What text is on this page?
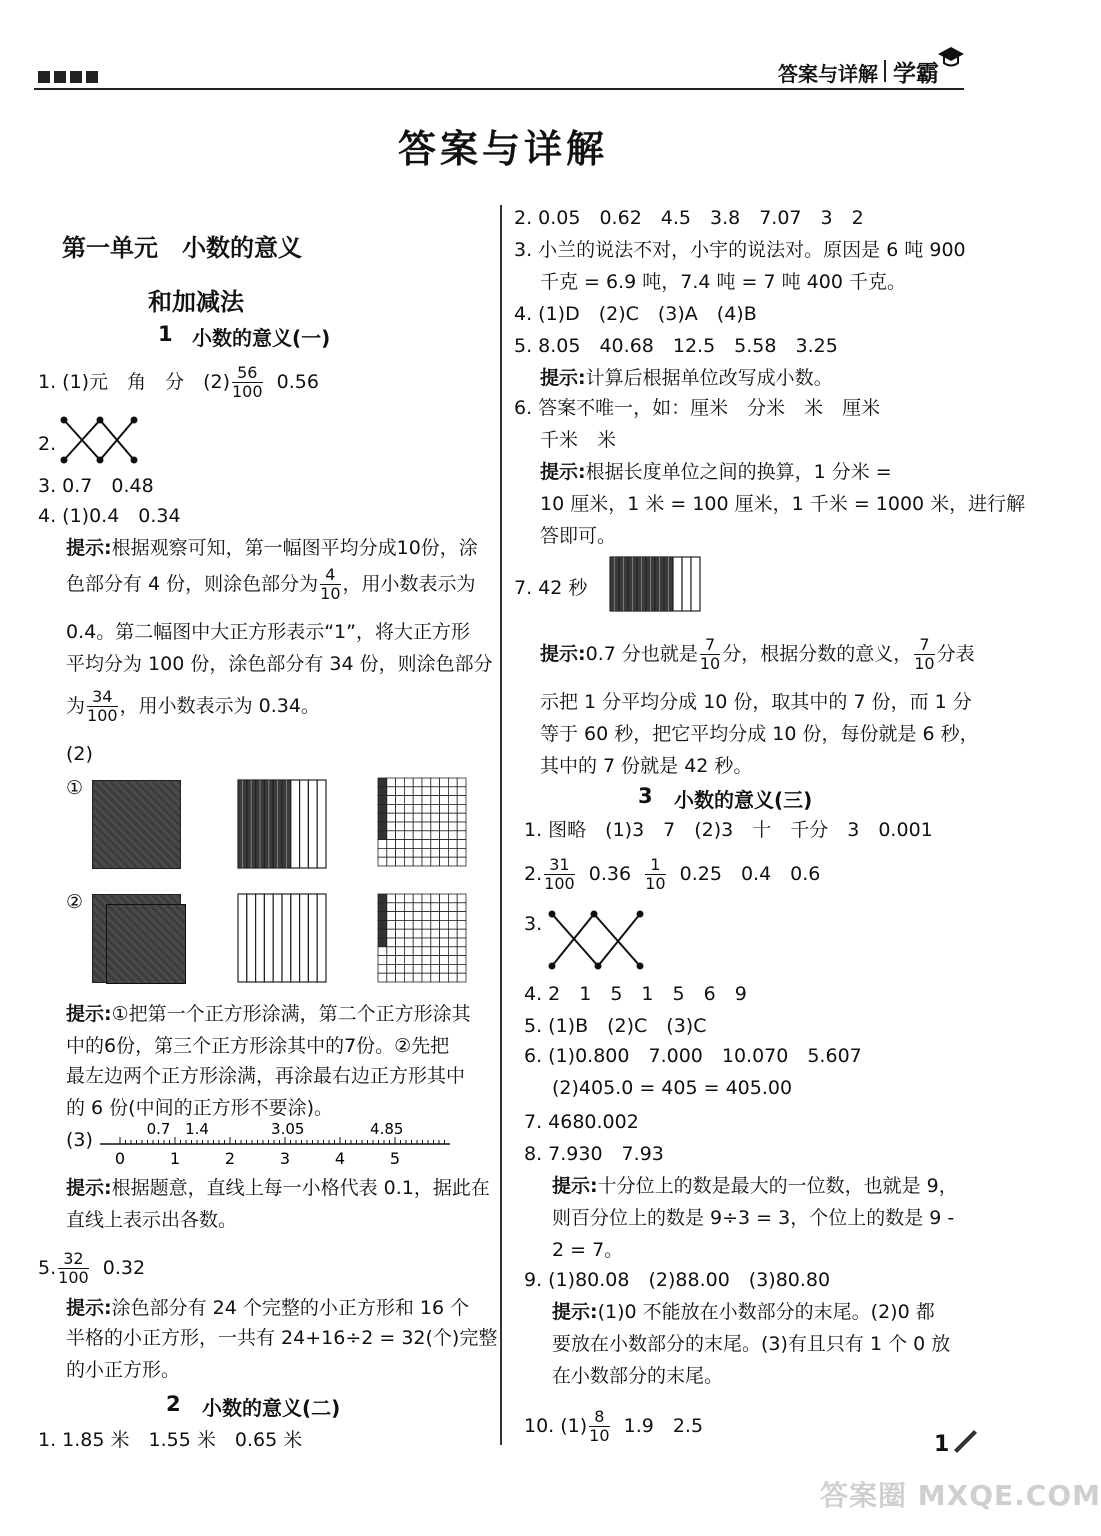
答案与详解 学霸
答案与详解
第一单元　小数的意义
和加减法
1 小数的意义(一)
1. (1)元　角　分　$(2) \frac{56}{100} 0.56$
2.
3. 0.7　0.48
4. (1)0.4　0.34
提示:根据观察可知，第一幅图平均分成10份，涂
色部分有 4 份，则涂色部分为 $\frac{4}{10}$ ，用小数表示为
0.4。第二幅图中大正方形表示“1”，将大正方形
平均分为 100 份，涂色部分有 34 份，则涂色部分
为 $\frac{34}{100}$ ，用小数表示为 0.34。
(2)
①
②
提示:①把第一个正方形涂满，第二个正方形涂其
中的6份，第三个正方形涂其中的7份。②先把
最左边两个正方形涂满，再涂最右边正方形其中
的 6 份(中间的正方形不要涂)。
(3)
0	1	2	3	4	5
0.7 1.4	3.05	4.85
提示:根据题意，直线上每一小格代表 0.1，据此在
直线上表示出各数。
5. $\frac{32}{100} 0.32$
提示:涂色部分有 24 个完整的小正方形和 16 个
半格的小正方形，一共有 24+16÷2 = 32(个)完整
的小正方形。
2 小数的意义(二)
1. 1.85 米　1.55 米　0.65 米
2. 0.05　0.62　4.5　3.8　7.07　3　2
3. 小兰的说法不对，小宇的说法对。原因是 6 吨 900
千克 = 6.9 吨，7.4 吨 = 7 吨 400 千克。
4. (1)D　(2)C　(3)A　(4)B
5. 8.05　40.68　12.5　5.58　3.25
提示:计算后根据单位改写成小数。
6. 答案不唯一，如：厘米　分米　米　厘米
千米　米
提示:根据长度单位之间的换算，1 分米 =
10 厘米，1 米 = 100 厘米，1 千米 = 1000 米，进行解
答即可。
7. 42 秒
提示:0.7 分也就是 $\frac{7}{10}$ 分，根据分数的意义， $\frac{7}{10}$ 分表
示把 1 分平均分成 10 份，取其中的 7 份，而 1 分
等于 60 秒，把它平均分成 10 份，每份就是 6 秒，
其中的 7 份就是 42 秒。
3 小数的意义(三)
1. 图略　(1)3　7　(2)3　十　千分　3　0.001
2. $\frac{31}{100} 0.36 \frac{1}{10} 0.25$　0.4　0.6
3.
4. 2　1　5　1　5　6　9
5. (1)B　(2)C　(3)C
6. (1)0.800　7.000　10.070　5.607
(2)405.0 = 405 = 405.00
7. 4680.002
8. 7.930　7.93
提示:十分位上的数是最大的一位数，也就是 9，
则百分位上的数是 9÷3 = 3，个位上的数是 9 -
2 = 7。
9. (1)80.08　(2)88.00　(3)80.80
提示:(1)0 不能放在小数部分的末尾。(2)0 都
要放在小数部分的末尾。(3)有且只有 1 个 0 放
在小数部分的末尾。
10. $(1) \frac{8}{10} 1.9$　2.5
1
答案圈 MXQE.COM
